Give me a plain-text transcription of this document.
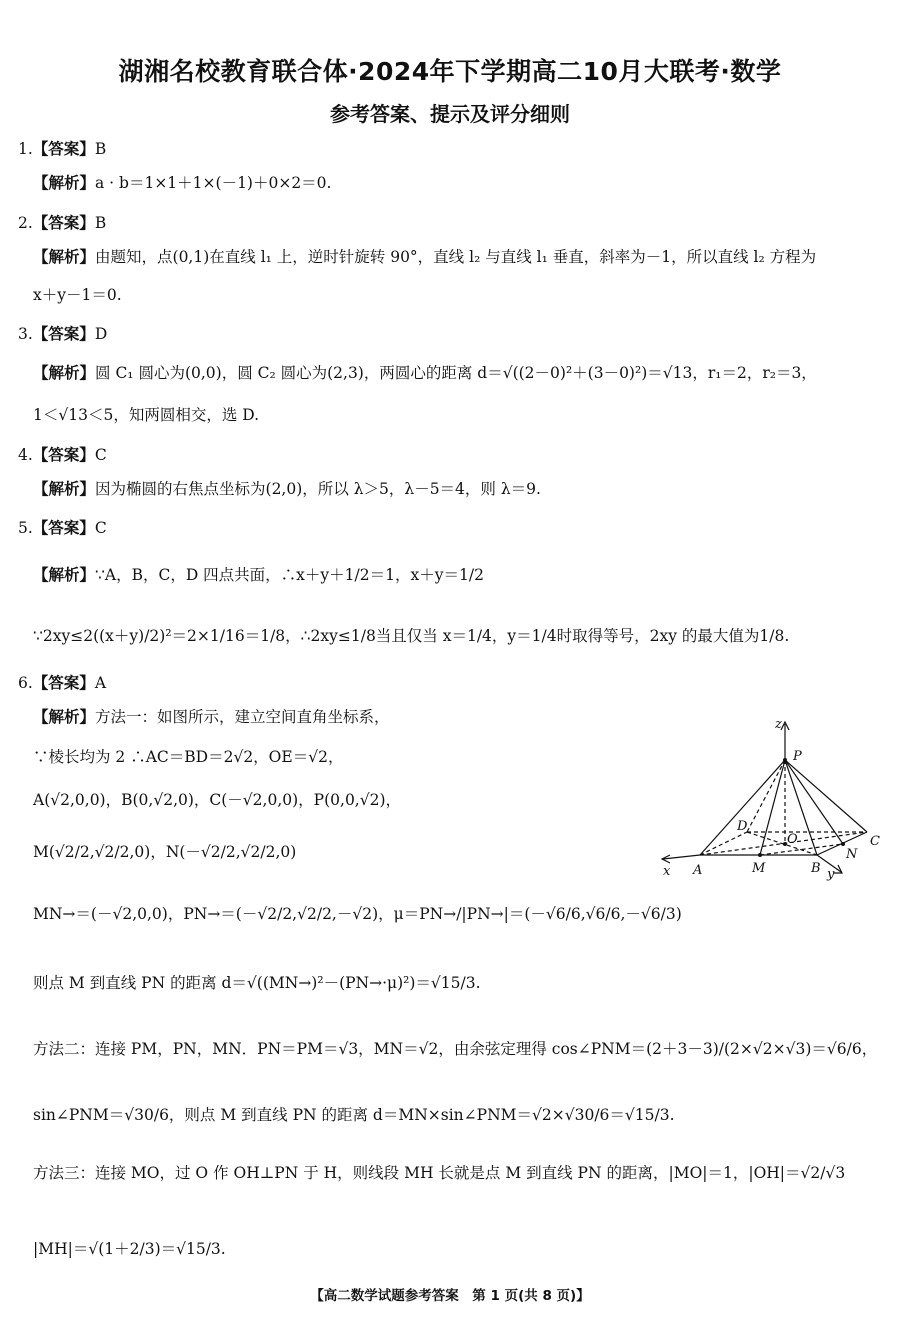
湖湘名校教育联合体·2024年下学期高二10月大联考·数学
参考答案、提示及评分细则
1.【答案】B
【解析】a · b＝1×1＋1×(－1)＋0×2＝0.
2.【答案】B
【解析】由题知，点(0,1)在直线 l₁ 上，逆时针旋转 90°，直线 l₂ 与直线 l₁ 垂直，斜率为－1，所以直线 l₂ 方程为
x＋y－1＝0.
3.【答案】D
【解析】圆 C₁ 圆心为(0,0)，圆 C₂ 圆心为(2,3)，两圆心的距离 d＝√((2－0)²＋(3－0)²)＝√13，r₁＝2，r₂＝3，
1＜√13＜5，知两圆相交，选 D.
4.【答案】C
【解析】因为椭圆的右焦点坐标为(2,0)，所以 λ＞5，λ－5＝4，则 λ＝9.
5.【答案】C
【解析】∵A，B，C，D 四点共面，∴x＋y＋1/2＝1，x＋y＝1/2
∵2xy≤2((x＋y)/2)²＝2×1/16＝1/8，∴2xy≤1/8当且仅当 x＝1/4，y＝1/4时取得等号，2xy 的最大值为1/8.
6.【答案】A
【解析】方法一：如图所示，建立空间直角坐标系，
∵棱长均为 2 ∴AC＝BD＝2√2，OE＝√2，
A(√2,0,0)，B(0,√2,0)，C(－√2,0,0)，P(0,0,√2)，
M(√2/2,√2/2,0)，N(－√2/2,√2/2,0)
MN→＝(－√2,0,0)，PN→＝(－√2/2,√2/2,－√2)，μ＝PN→/|PN→|＝(－√6/6,√6/6,－√6/3)
则点 M 到直线 PN 的距离 d＝√((MN→)²－(PN→·μ)²)＝√15/3.
方法二：连接 PM，PN，MN．PN＝PM＝√3，MN＝√2，由余弦定理得 cos∠PNM＝(2＋3－3)/(2×√2×√3)＝√6/6，
sin∠PNM＝√30/6，则点 M 到直线 PN 的距离 d＝MN×sin∠PNM＝√2×√30/6＝√15/3.
方法三：连接 MO，过 O 作 OH⊥PN 于 H，则线段 MH 长就是点 M 到直线 PN 的距离，|MO|＝1，|OH|＝√2/√3
|MH|＝√(1＋2/3)＝√15/3.
z
P
D
O	C
N
x A	M	B y
【高二数学试题参考答案　第 1 页(共 8 页)】
